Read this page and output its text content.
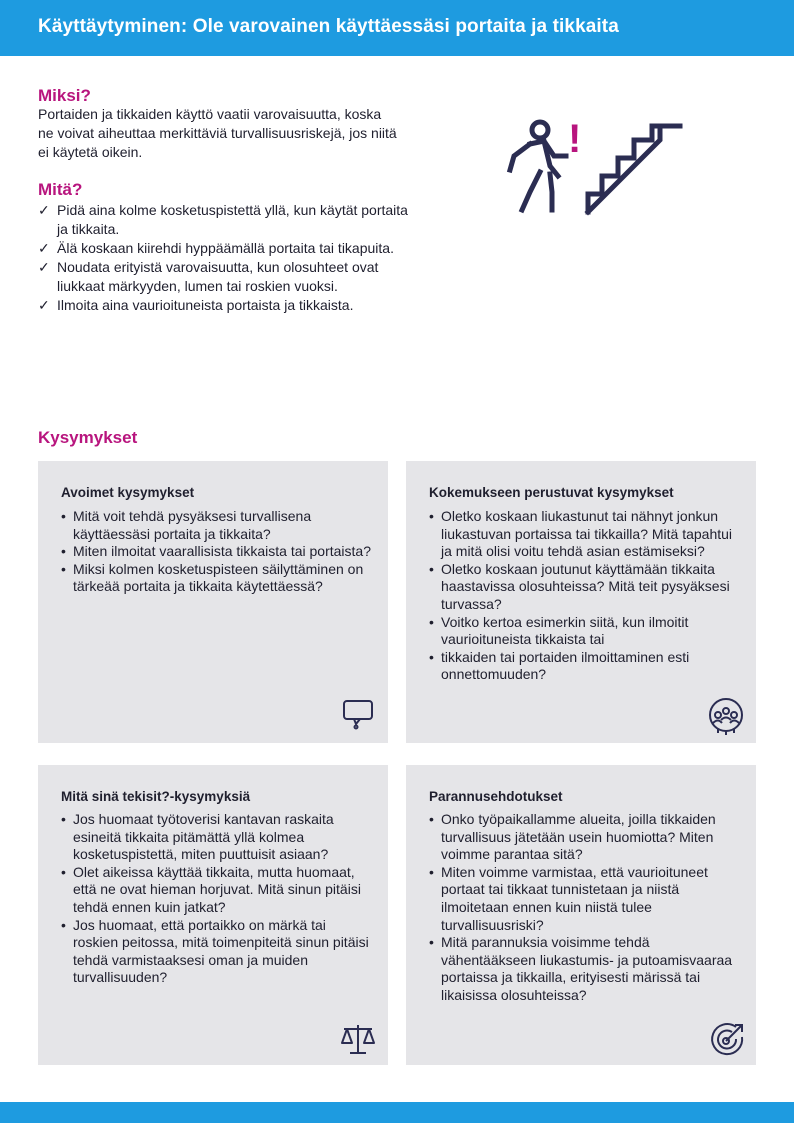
Käyttäytyminen: Ole varovainen käyttäessäsi portaita ja tikkaita
Miksi?

Portaiden ja tikkaiden käyttö vaatii varovaisuutta, koska ne voivat aiheuttaa merkittäviä turvallisuusriskejä, jos niitä ei käytetä oikein.

Mitä?
✓ Pidä aina kolme kosketuspistettä yllä, kun käytät portaita ja tikkaita.
✓ Älä koskaan kiirehdi hyppäämällä portaita tai tikapuita.
✓ Noudata erityistä varovaisuutta, kun olosuhteet ovat liukkaat märkyyden, lumen tai roskien vuoksi.
✓ Ilmoita aina vaurioituneista portaista ja tikkaista.
!
Kysymykset
Avoimet kysymykset
• Mitä voit tehdä pysyäksesi turvallisena käyttäessäsi portaita ja tikkaita?
• Miten ilmoitat vaarallisista tikkaista tai portaista?
• Miksi kolmen kosketuspisteen säilyttäminen on tärkeää portaita ja tikkaita käytettäessä?
Kokemukseen perustuvat kysymykset
• Oletko koskaan liukastunut tai nähnyt jonkun liukastuvan portaissa tai tikkailla? Mitä tapahtui ja mitä olisi voitu tehdä asian estämiseksi?
• Oletko koskaan joutunut käyttämään tikkaita haastavissa olosuhteissa? Mitä teit pysyäksesi turvassa?
• Voitko kertoa esimerkin siitä, kun ilmoitit vaurioituneista tikkaista tai
• tikkaiden tai portaiden ilmoittaminen esti onnettomuuden?
Mitä sinä tekisit?-kysymyksiä
• Jos huomaat työtoverisi kantavan raskaita esineitä tikkaita pitämättä yllä kolmea kosketuspistettä, miten puuttuisit asiaan?
• Olet aikeissa käyttää tikkaita, mutta huomaat, että ne ovat hieman horjuvat. Mitä sinun pitäisi tehdä ennen kuin jatkat?
• Jos huomaat, että portaikko on märkä tai roskien peitossa, mitä toimenpiteitä sinun pitäisi tehdä varmistaaksesi oman ja muiden turvallisuuden?
Parannusehdotukset
• Onko työpaikallamme alueita, joilla tikkaiden turvallisuus jätetään usein huomiotta? Miten voimme parantaa sitä?
• Miten voimme varmistaa, että vaurioituneet portaat tai tikkaat tunnistetaan ja niistä ilmoitetaan ennen kuin niistä tulee turvallisuusriski?
• Mitä parannuksia voisimme tehdä vähentääkseen liukastumis- ja putoamisvaaraa portaissa ja tikkailla, erityisesti märissä tai likaisissa olosuhteissa?
